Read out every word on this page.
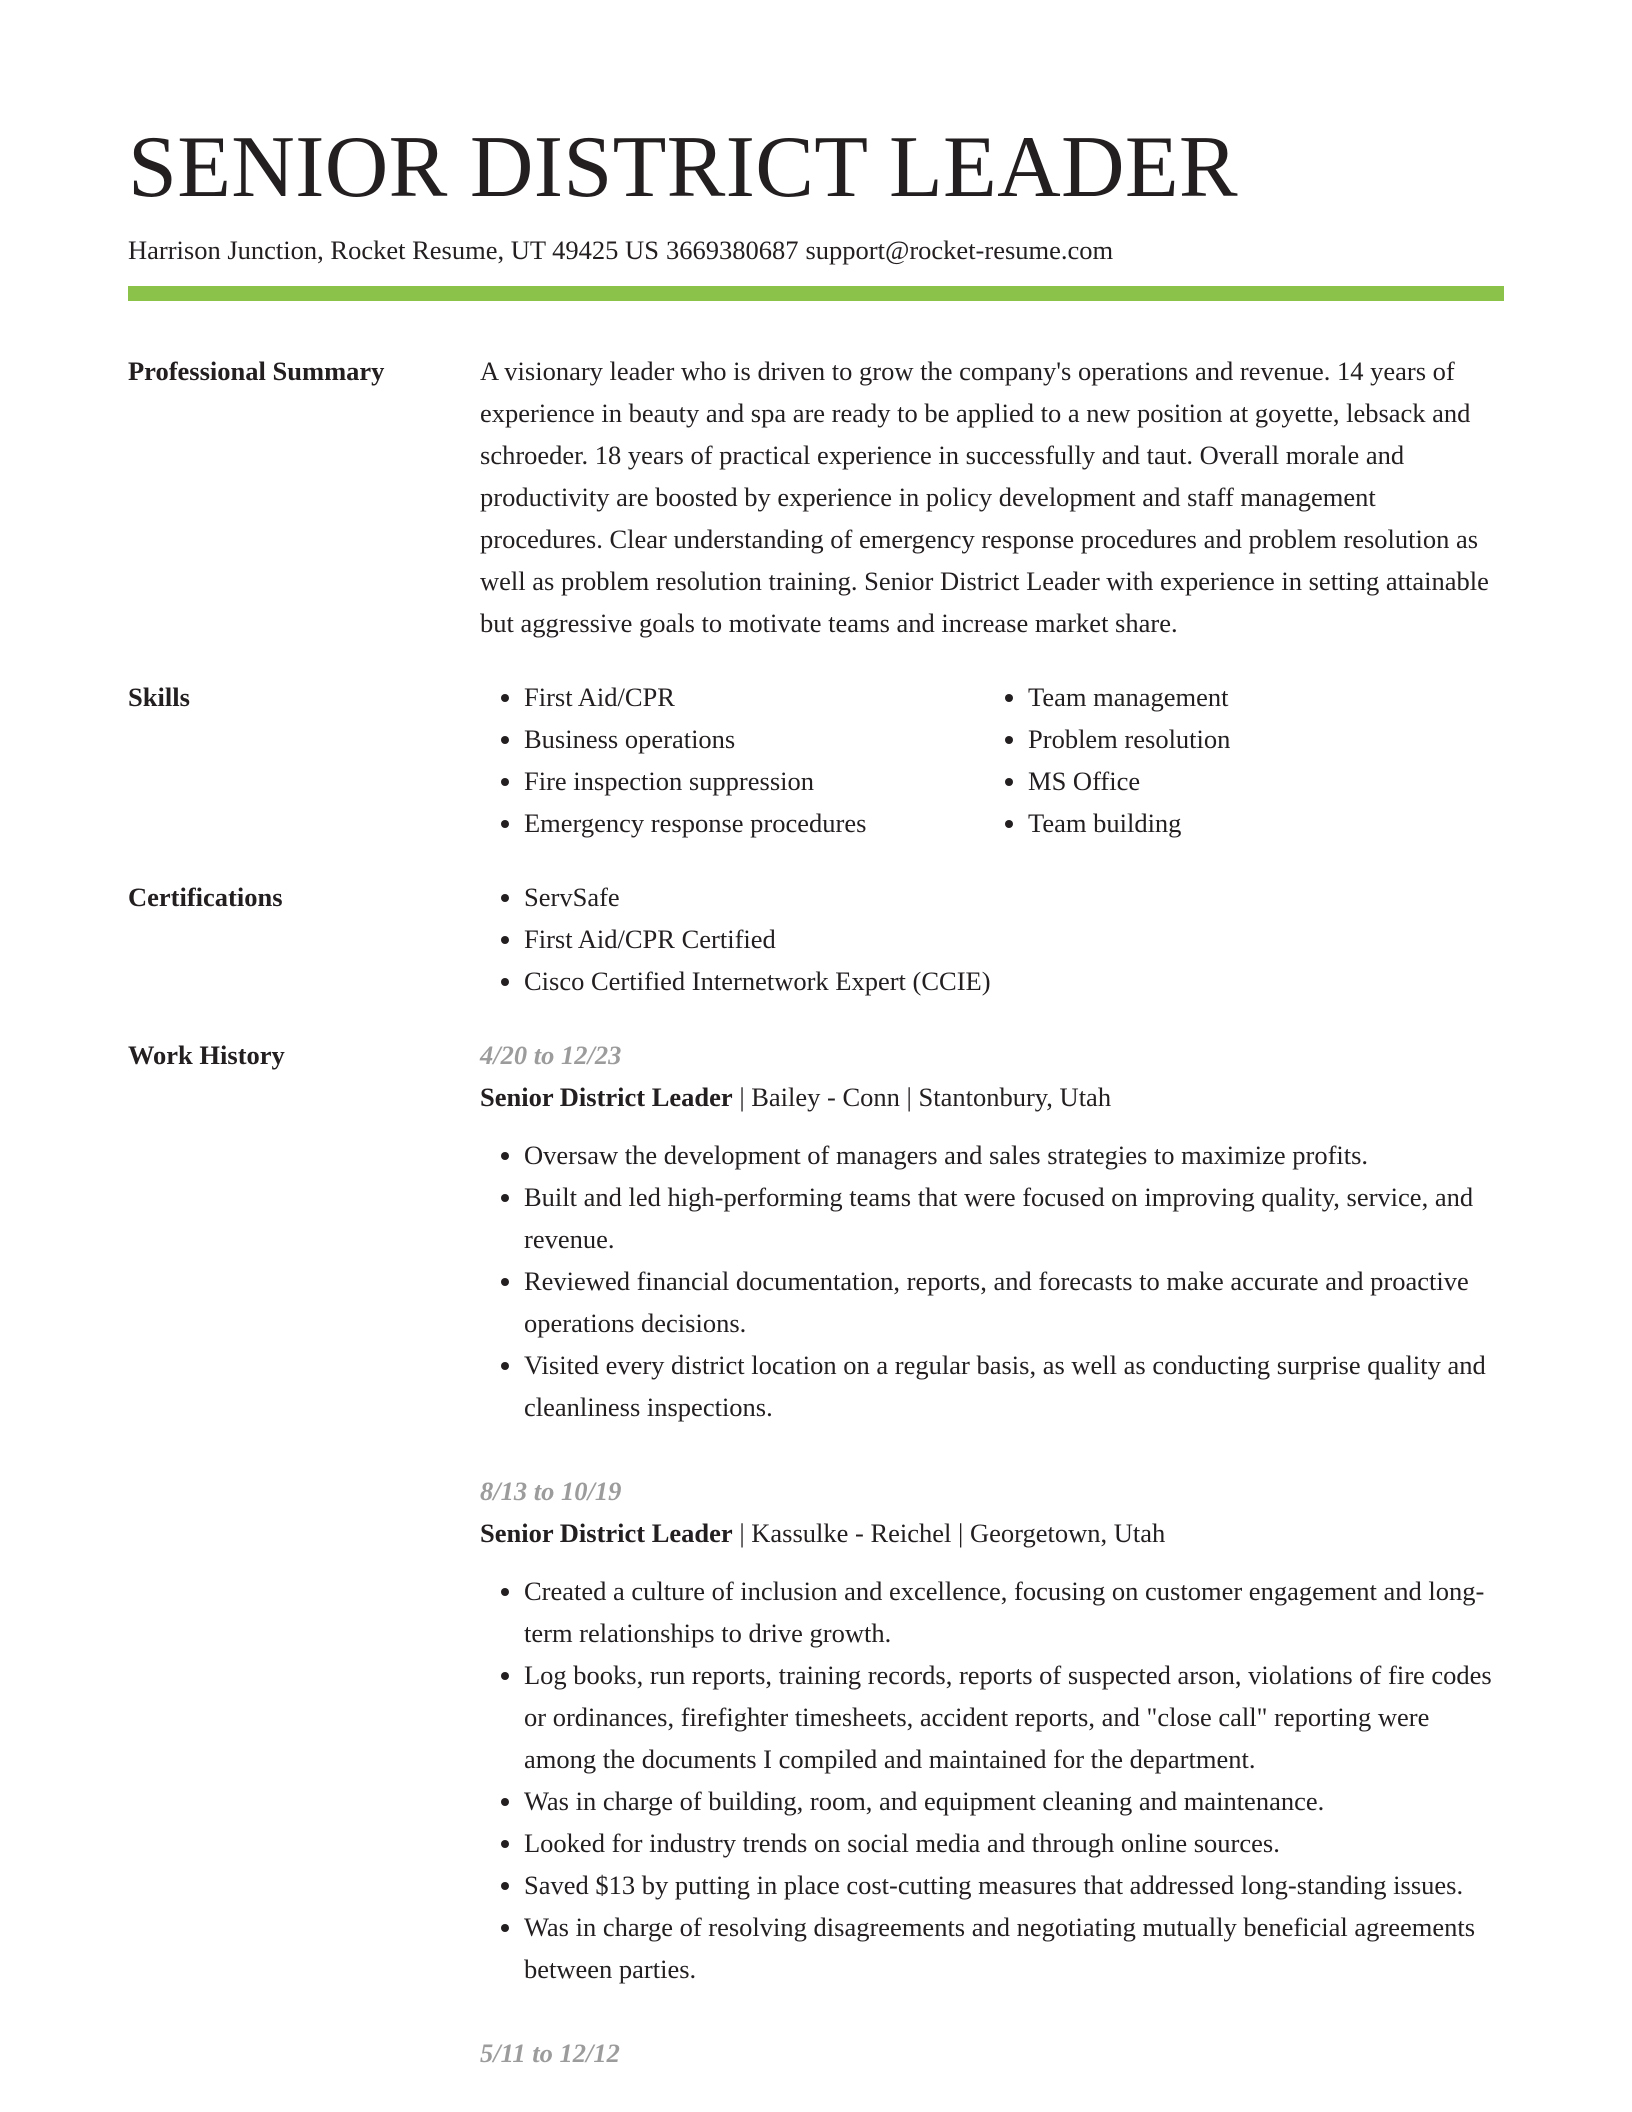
SENIOR DISTRICT LEADER
Harrison Junction, Rocket Resume, UT 49425 US 3669380687 support@rocket-resume.com
Professional Summary	A visionary leader who is driven to grow the company's operations and revenue. 14 years of experience in beauty and spa are ready to be applied to a new position at goyette, lebsack and schroeder. 18 years of practical experience in successfully and taut. Overall morale and productivity are boosted by experience in policy development and staff management procedures. Clear understanding of emergency response procedures and problem resolution as well as problem resolution training. Senior District Leader with experience in setting attainable but aggressive goals to motivate teams and increase market share.

Skills	• First Aid/CPR	• Team management
• Business operations	• Problem resolution
• Fire inspection suppression	• MS Office
• Emergency response procedures	• Team building
Certifications	• ServSafe
• First Aid/CPR Certified
• Cisco Certified Internetwork Expert (CCIE)
Work History	4/20 to 12/23
Senior District Leader | Bailey - Conn | Stantonbury, Utah
• Oversaw the development of managers and sales strategies to maximize profits.
• Built and led high-performing teams that were focused on improving quality, service, and revenue.
• Reviewed financial documentation, reports, and forecasts to make accurate and proactive operations decisions.
• Visited every district location on a regular basis, as well as conducting surprise quality and cleanliness inspections.
8/13 to 10/19
Senior District Leader | Kassulke - Reichel | Georgetown, Utah
• Created a culture of inclusion and excellence, focusing on customer engagement and long-term relationships to drive growth.
• Log books, run reports, training records, reports of suspected arson, violations of fire codes or ordinances, firefighter timesheets, accident reports, and "close call" reporting were among the documents I compiled and maintained for the department.
• Was in charge of building, room, and equipment cleaning and maintenance.
• Looked for industry trends on social media and through online sources.
• Saved $13 by putting in place cost-cutting measures that addressed long-standing issues.
• Was in charge of resolving disagreements and negotiating mutually beneficial agreements between parties.
5/11 to 12/12
